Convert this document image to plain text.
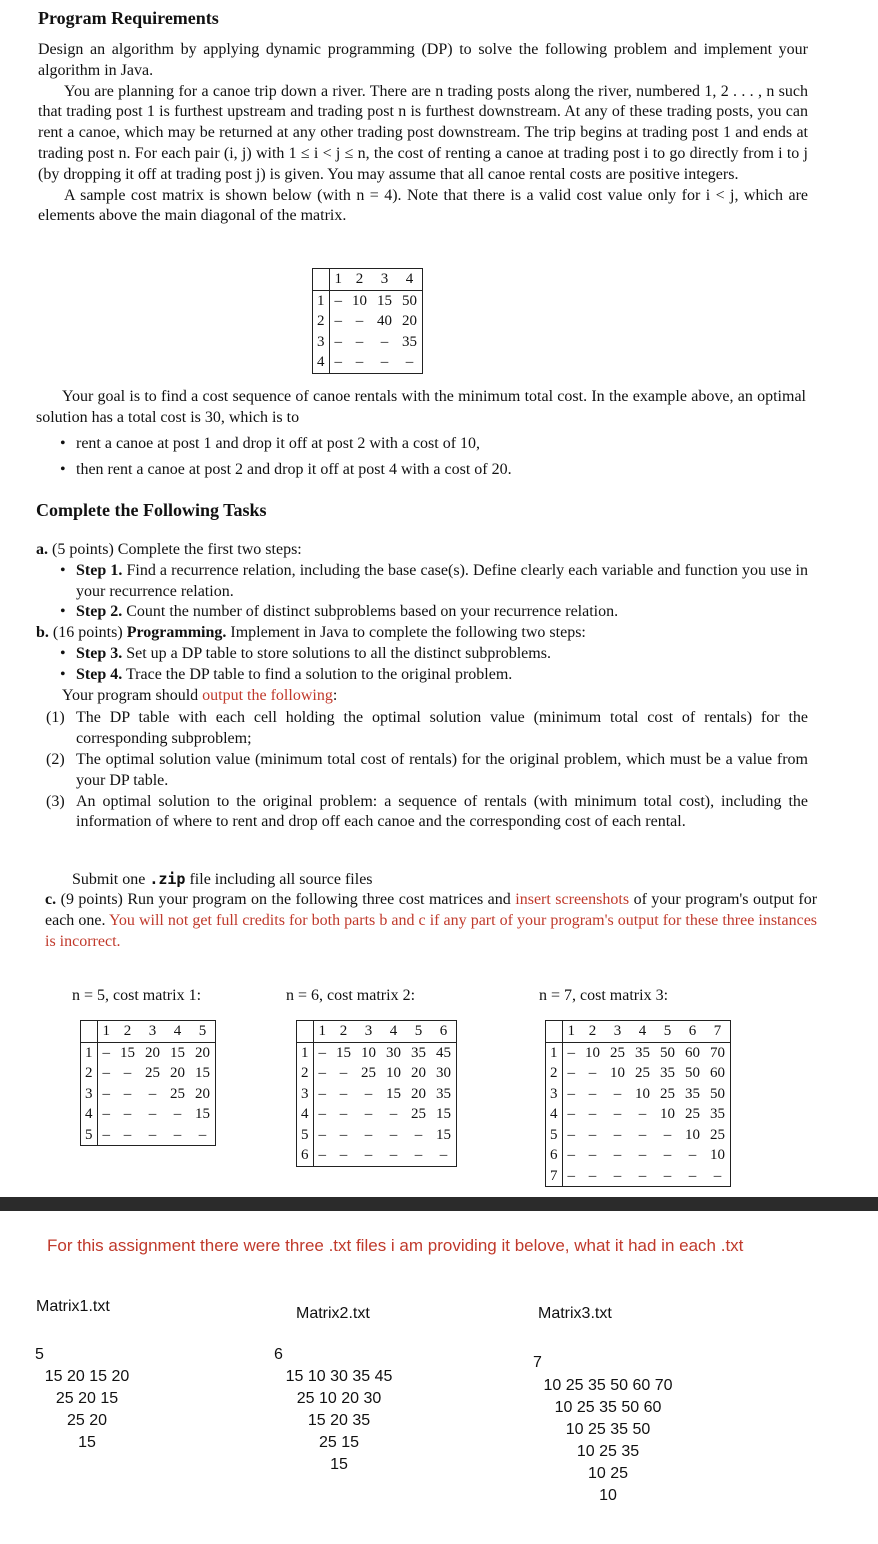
Program Requirements

Design an algorithm by applying dynamic programming (DP) to solve the following problem and implement your algorithm in Java.

You are planning for a canoe trip down a river. There are n trading posts along the river, numbered 1, 2 . . . , n such that trading post 1 is furthest upstream and trading post n is furthest downstream. At any of these trading posts, you can rent a canoe, which may be returned at any other trading post downstream. The trip begins at trading post 1 and ends at trading post n. For each pair (i, j) with 1 ≤ i < j ≤ n, the cost of renting a canoe at trading post i to go directly from i to j (by dropping it off at trading post j) is given. You may assume that all canoe rental costs are positive integers.

A sample cost matrix is shown below (with n = 4). Note that there is a valid cost value only for i < j, which are elements above the main diagonal of the matrix.

	1	2	3	4
1	–	10	15	50
2	–	–	40	20
3	–	–	–	35
4	–	–	–	–

Your goal is to find a cost sequence of canoe rentals with the minimum total cost. In the example above, an optimal solution has a total cost is 30, which is to

• rent a canoe at post 1 and drop it off at post 2 with a cost of 10,
• then rent a canoe at post 2 and drop it off at post 4 with a cost of 20.
Complete the Following Tasks
a. (5 points) Complete the first two steps:
• Step 1. Find a recurrence relation, including the base case(s). Define clearly each variable and function you use in your recurrence relation.
• Step 2. Count the number of distinct subproblems based on your recurrence relation.
b. (16 points) Programming. Implement in Java to complete the following two steps:
• Step 3. Set up a DP table to store solutions to all the distinct subproblems.
• Step 4. Trace the DP table to find a solution to the original problem.
Your program should output the following:
(1) The DP table with each cell holding the optimal solution value (minimum total cost of rentals) for the corresponding subproblem;
(2) The optimal solution value (minimum total cost of rentals) for the original problem, which must be a value from your DP table.
(3) An optimal solution to the original problem: a sequence of rentals (with minimum total cost), including the information of where to rent and drop off each canoe and the corresponding cost of each rental.
Submit one .zip file including all source files
c. (9 points) Run your program on the following three cost matrices and insert screenshots of your program's output for each one. You will not get full credits for both parts b and c if any part of your program's output for these three instances is incorrect.
n = 5, cost matrix 1:	n = 6, cost matrix 2:	n = 7, cost matrix 3:
	1	2	3	4	5
1	–	15	20	15	20
2	–	–	25	20	15
3	–	–	–	25	20
4	–	–	–	–	15
5	–	–	–	–	–
	1	2	3	4	5	6
1	–	15	10	30	35	45
2	–	–	25	10	20	30
3	–	–	–	15	20	35
4	–	–	–	–	25	15
5	–	–	–	–	–	15
6	–	–	–	–	–	–
	1	2	3	4	5	6	7
1	–	10	25	35	50	60	70
2	–	–	10	25	35	50	60
3	–	–	–	10	25	35	50
4	–	–	–	–	10	25	35
5	–	–	–	–	–	10	25
6	–	–	–	–	–	–	10
7	–	–	–	–	–	–	–
For this assignment there were three .txt files i am providing it belove, what it had in each .txt
Matrix1.txt	Matrix2.txt	Matrix3.txt
5	6	7
15 20 15 20
25 20 15
25 20
15
15 10 30 35 45
25 10 20 30
15 20 35
25 15
15
10 25 35 50 60 70
10 25 35 50 60
10 25 35 50
10 25 35
10 25
10
